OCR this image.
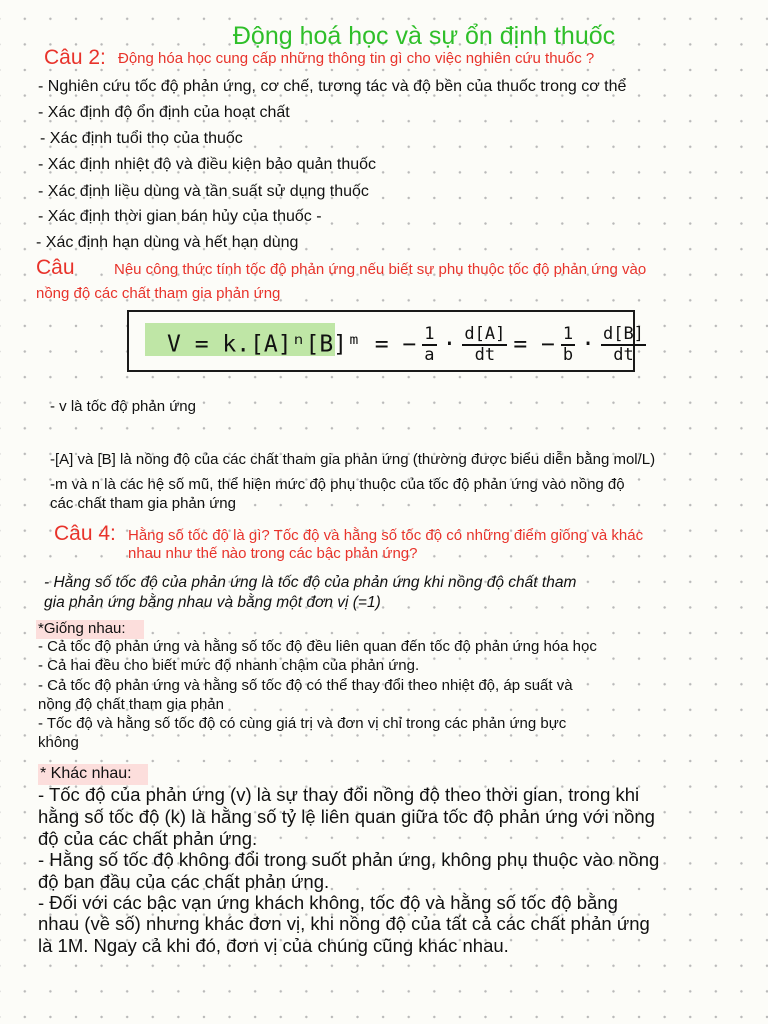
Động hoá học và sự ổn định thuốc
Câu 2: Động hóa học cung cấp những thông tin gì cho việc nghiên cứu thuốc ?
- Nghiên cứu tốc độ phản ứng, cơ chế, tương tác và độ bền của thuốc trong cơ thể
- Xác định độ ổn định của hoạt chất
- Xác định tuổi thọ của thuốc
- Xác định nhiệt độ và điều kiện bảo quản thuốc
- Xác định liều dùng và tần suất sử dụng thuốc
- Xác định thời gian bán hủy của thuốc -
- Xác định hạn dùng và hết hạn dùng
Câu	Nêu công thức tính tốc độ phản ứng nếu biết sự phụ thuộc tốc độ phản ứng vào
nồng độ các chất tham gia phản ứng
V = k.[A]ⁿ[B]ᵐ = − $\frac{1}{a} \cdot \frac{d[A]}{dt}$ = − $\frac{1}{b} \cdot \frac{d[B]}{dt}$
- v là tốc độ phản ứng
-[A] và [B] là nồng độ của các chất tham gia phản ứng (thường được biểu diễn bằng mol/L)
-m và n là các hệ số mũ, thể hiện mức độ phụ thuộc của tốc độ phản ứng vào nồng độ
các chất tham gia phản ứng
Câu 4: Hằng số tốc độ là gì? Tốc độ và hằng số tốc độ có những điểm giống và khác
nhau như thế nào trong các bậc phản ứng?
- Hằng số tốc độ của phản ứng là tốc độ của phản ứng khi nồng độ chất tham
gia phản ứng bằng nhau và bằng một đơn vị (=1)
*Giống nhau:
- Cả tốc độ phản ứng và hằng số tốc độ đều liên quan đến tốc độ phản ứng hóa học
- Cả hai đều cho biết mức độ nhanh chậm của phản ứng.
- Cả tốc độ phản ứng và hằng số tốc độ có thể thay đổi theo nhiệt độ, áp suất và
nồng độ chất tham gia phản
- Tốc độ và hằng số tốc độ có cùng giá trị và đơn vị chỉ trong các phản ứng bực
không
* Khác nhau:
- Tốc độ của phản ứng (v) là sự thay đổi nồng độ theo thời gian, trong khi
hằng số tốc độ (k) là hằng số tỷ lệ liên quan giữa tốc độ phản ứng với nồng
độ của các chất phản ứng.
- Hằng số tốc độ không đổi trong suốt phản ứng, không phụ thuộc vào nồng
độ ban đầu của các chất phản ứng.
- Đối với các bậc vạn ứng khách không, tốc độ và hằng số tốc độ bằng
nhau (về số) nhưng khác đơn vị, khi nồng độ của tất cả các chất phản ứng
là 1M. Ngay cả khi đó, đơn vị của chúng cũng khác nhau.
